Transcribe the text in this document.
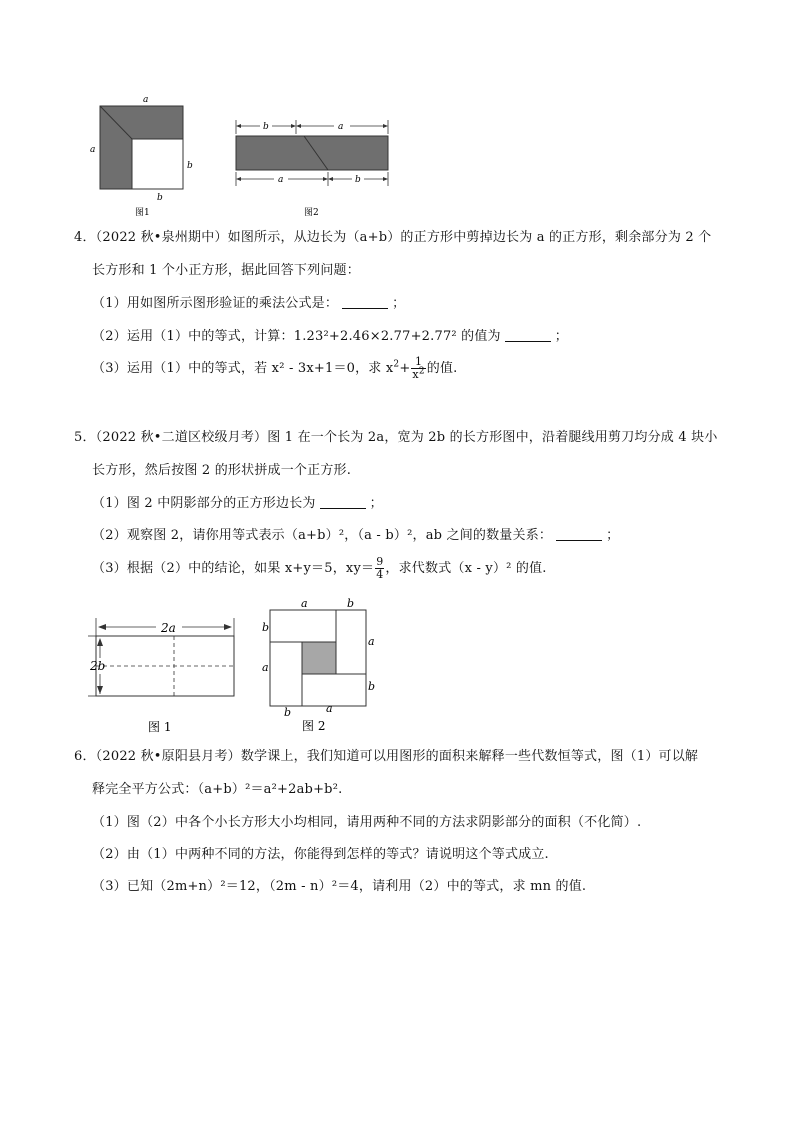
a
a
b
b
图1
b	a
a	b
图2
4．（2022 秋•泉州期中）如图所示，从边长为（a+b）的正方形中剪掉边长为 a 的正方形，剩余部分为 2 个
长方形和 1 个小正方形，据此回答下列问题：
（1）用如图所示图形验证的乘法公式是：	；
（2）运用（1）中的等式，计算：1.23²+2.46×2.77+2.77² 的值为	；
（3）运用（1）中的等式，若 x² - 3x+1＝0，求 $x^2+ \frac{1}{x^2}$ 的值.
5．（2022 秋•二道区校级月考）图 1 在一个长为 2a，宽为 2b 的长方形图中，沿着腿线用剪刀均分成 4 块小
长方形，然后按图 2 的形状拼成一个正方形.
（1）图 2 中阴影部分的正方形边长为	；
（2）观察图 2，请你用等式表示（a+b）²，（a - b）²，ab 之间的数量关系：	；
（3）根据（2）中的结论，如果 x+y＝5，$xy= \frac{9}{4}$ ，求代数式（x - y）² 的值.
2a
2b
图 1
a	b
b
a
a
b
b	a
图 2
6．（2022 秋•原阳县月考）数学课上，我们知道可以用图形的面积来解释一些代数恒等式，图（1）可以解
释完全平方公式：（a+b）²＝a²+2ab+b².
（1）图（2）中各个小长方形大小均相同，请用两种不同的方法求阴影部分的面积（不化简）.
（2）由（1）中两种不同的方法，你能得到怎样的等式？请说明这个等式成立.
（3）已知（2m+n）²＝12，（2m - n）²＝4，请利用（2）中的等式，求 mn 的值.
